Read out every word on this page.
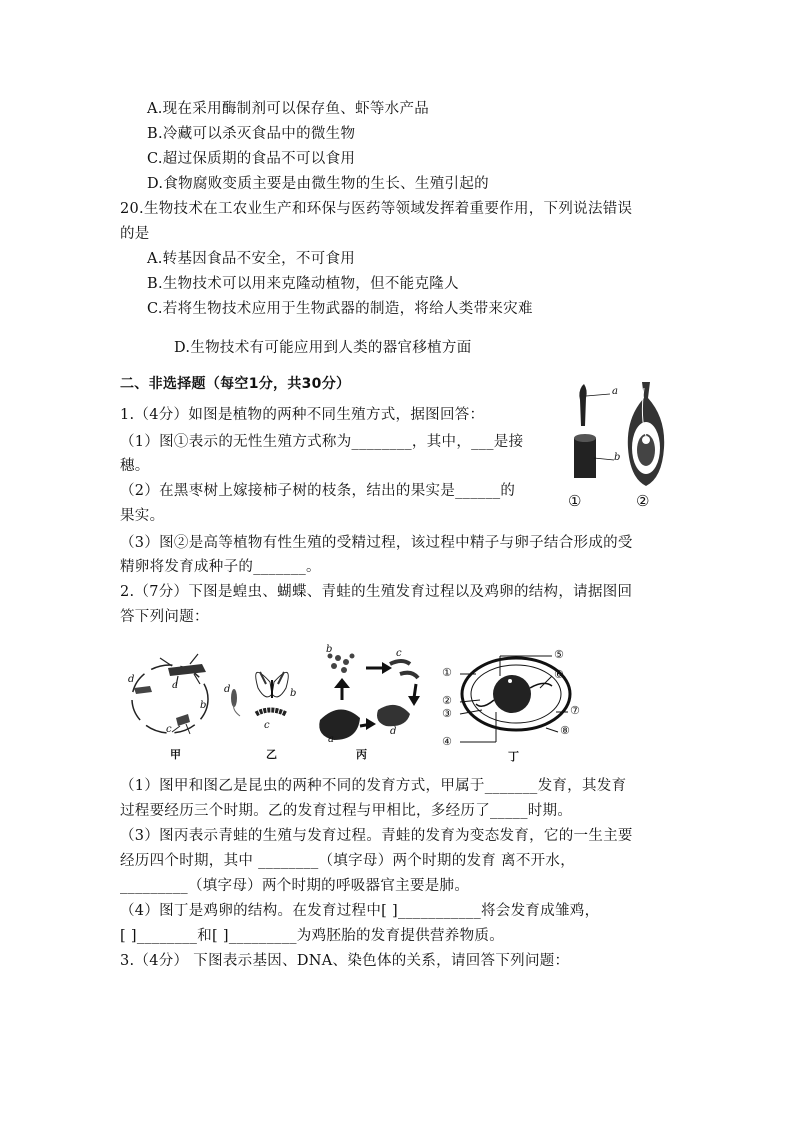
A.现在采用酶制剂可以保存鱼、虾等水产品
B.冷藏可以杀灭食品中的微生物
C.超过保质期的食品不可以食用
D.食物腐败变质主要是由微生物的生长、生殖引起的
20.生物技术在工农业生产和环保与医药等领域发挥着重要作用，下列说法错误
的是
A.转基因食品不安全，不可食用
B.生物技术可以用来克隆动植物，但不能克隆人
C.若将生物技术应用于生物武器的制造，将给人类带来灾难
D.生物技术有可能应用到人类的器官移植方面
二、非选择题（每空1分，共30分）
1.（4分）如图是植物的两种不同生殖方式，据图回答：
（1）图①表示的无性生殖方式称为________，其中，___是接
穗。
（2）在黑枣树上嫁接柿子树的枝条，结出的果实是______的
果实。
（3）图②是高等植物有性生殖的受精过程，该过程中精子与卵子结合形成的受
精卵将发育成种子的_______。
a
b
①	②
2.（7分）下图是蝗虫、蝴蝶、青蛙的生殖发育过程以及鸡卵的结构，请据图回
答下列问题：
d
a
b
c
d	b
c
b	c
d
a
①
②
③
④
⑤
⑥
⑦
⑧
甲	乙	丙	丁
（1）图甲和图乙是昆虫的两种不同的发育方式，甲属于_______发育，其发育
过程要经历三个时期。乙的发育过程与甲相比，多经历了_____时期。
（3）图丙表示青蛙的生殖与发育过程。青蛙的发育为变态发育，它的一生主要
经历四个时期，其中 ________（填字母）两个时期的发育 离不开水，
_________（填字母）两个时期的呼吸器官主要是肺。
（4）图丁是鸡卵的结构。在发育过程中[ ]___________将会发育成雏鸡，
[ ]________和[ ]_________为鸡胚胎的发育提供营养物质。
3.（4分） 下图表示基因、DNA、染色体的关系，请回答下列问题：
